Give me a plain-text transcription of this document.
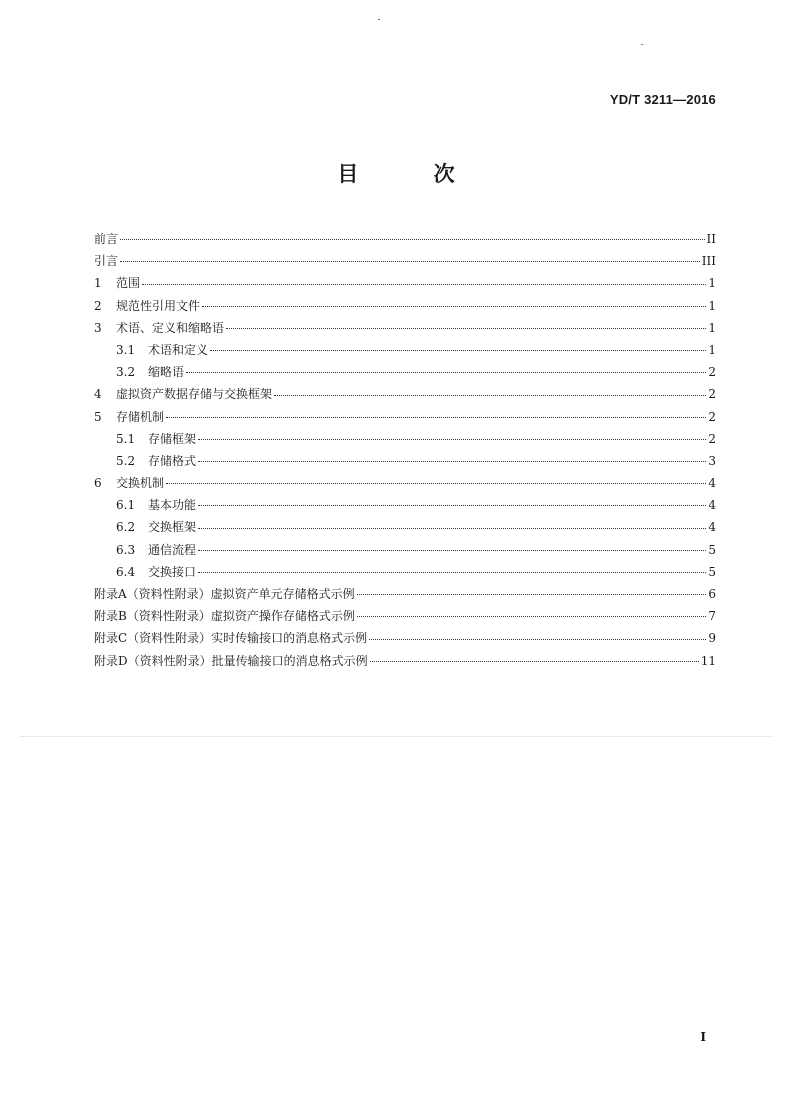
YD/T 3211—2016
目 次
前言	II
引言	III
1	范围	1
2	规范性引用文件	1
3	术语、定义和缩略语	1
3.1	术语和定义	1
3.2	缩略语	2
4	虚拟资产数据存储与交换框架	2
5	存储机制	2
5.1	存储框架	2
5.2	存储格式	3
6	交换机制	4
6.1	基本功能	4
6.2	交换框架	4
6.3	通信流程	5
6.4	交换接口	5
附录A（资料性附录）虚拟资产单元存储格式示例	6
附录B（资料性附录）虚拟资产操作存储格式示例	7
附录C（资料性附录）实时传输接口的消息格式示例	9
附录D（资料性附录）批量传输接口的消息格式示例	11
I
